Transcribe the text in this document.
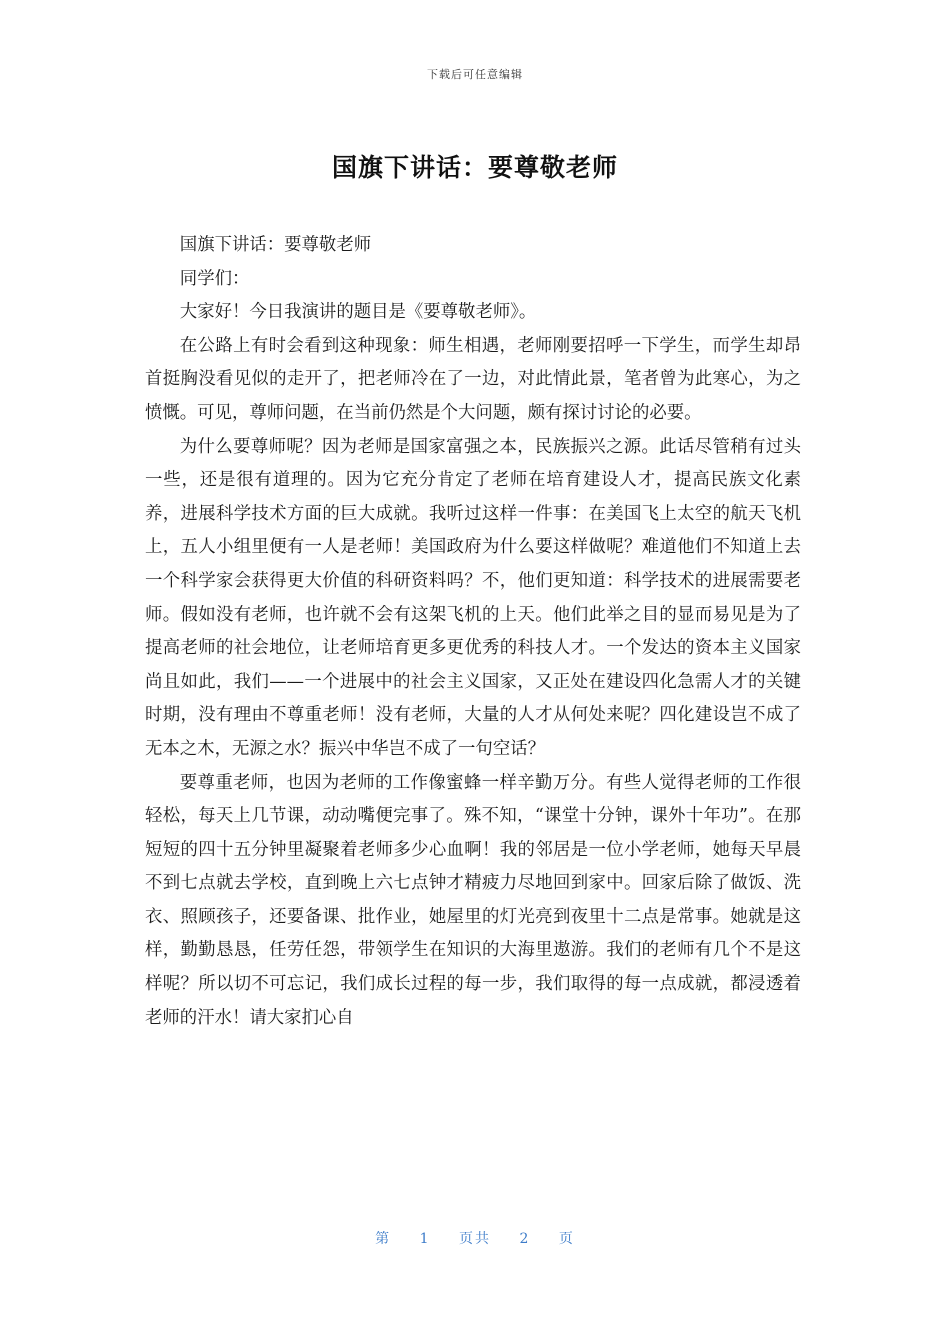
下载后可任意编辑
国旗下讲话：要尊敬老师

国旗下讲话：要尊敬老师

同学们：

大家好！今日我演讲的题目是《要尊敬老师》。

在公路上有时会看到这种现象：师生相遇，老师刚要招呼一下学生，而学生却昂首挺胸没看见似的走开了，把老师冷在了一边，对此情此景，笔者曾为此寒心，为之愤慨。可见，尊师问题，在当前仍然是个大问题，颇有探讨讨论的必要。

为什么要尊师呢？因为老师是国家富强之本，民族振兴之源。此话尽管稍有过头一些，还是很有道理的。因为它充分肯定了老师在培育建设人才，提高民族文化素养，进展科学技术方面的巨大成就。我听过这样一件事：在美国飞上太空的航天飞机上，五人小组里便有一人是老师！美国政府为什么要这样做呢？难道他们不知道上去一个科学家会获得更大价值的科研资料吗？不，他们更知道：科学技术的进展需要老师。假如没有老师，也许就不会有这架飞机的上天。他们此举之目的显而易见是为了提高老师的社会地位，让老师培育更多更优秀的科技人才。一个发达的资本主义国家尚且如此，我们——一个进展中的社会主义国家，又正处在建设四化急需人才的关键时期，没有理由不尊重老师！没有老师，大量的人才从何处来呢？四化建设岂不成了无本之木，无源之水？振兴中华岂不成了一句空话？

要尊重老师，也因为老师的工作像蜜蜂一样辛勤万分。有些人觉得老师的工作很轻松，每天上几节课，动动嘴便完事了。殊不知，“课堂十分钟，课外十年功”。在那短短的四十五分钟里凝聚着老师多少心血啊！我的邻居是一位小学老师，她每天早晨不到七点就去学校，直到晚上六七点钟才精疲力尽地回到家中。回家后除了做饭、洗衣、照顾孩子，还要备课、批作业，她屋里的灯光亮到夜里十二点是常事。她就是这样，勤勤恳恳，任劳任怨，带领学生在知识的大海里遨游。我们的老师有几个不是这样呢？所以切不可忘记，我们成长过程的每一步，我们取得的每一点成就，都浸透着老师的汗水！请大家扪心自

第 1 页共 2 页
